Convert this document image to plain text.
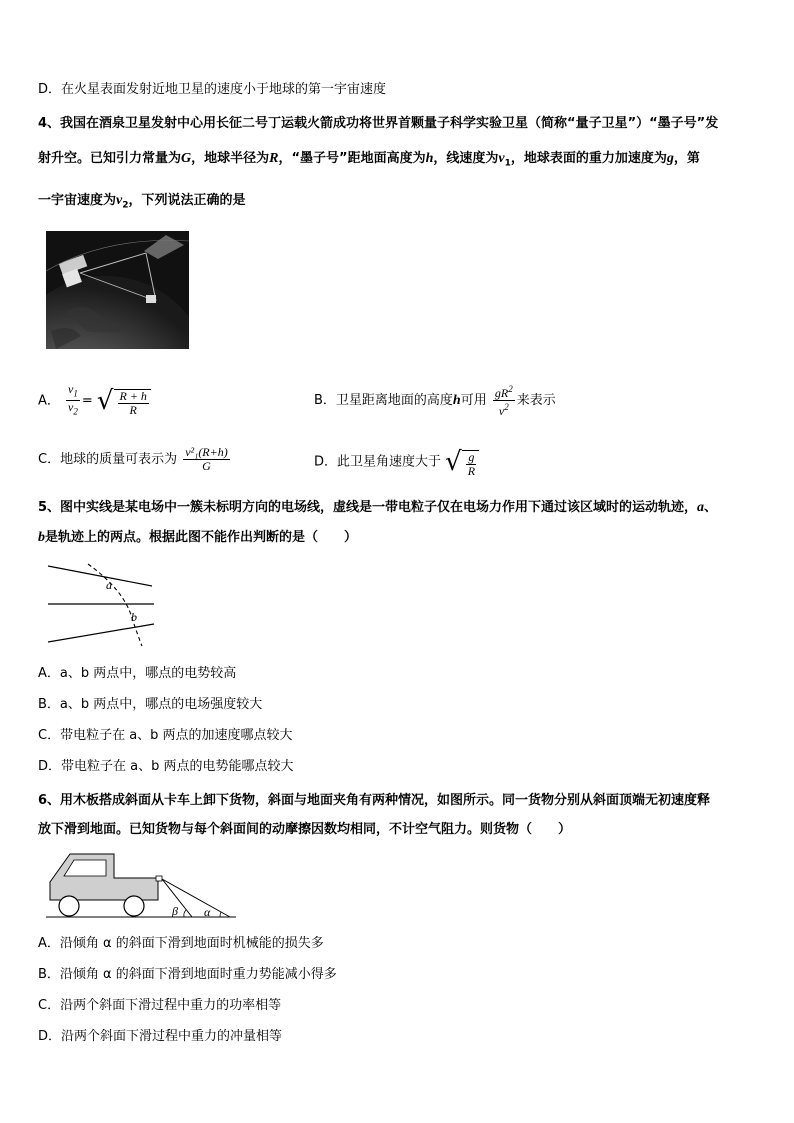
D．在火星表面发射近地卫星的速度小于地球的第一宇宙速度
4、我国在酒泉卫星发射中心用长征二号丁运载火箭成功将世界首颗量子科学实验卫星（简称“量子卫星”）“墨子号”发
射升空。已知引力常量为G，地球半径为R，“墨子号”距地面高度为h，线速度为$v_1$，地球表面的重力加速度为g，第
一宇宙速度为$v_2$，下列说法正确的是
A． $\frac{v_1}{v_2}$ = √ $\frac{R + h}{R}$	B．卫星距离地面的高度h可用 $\frac{gR^2}{v^2}$ 来表示
C．地球的质量可表示为 $\frac{\text{v²₁(R+h)}}{G}$	D．此卫星角速度大于 √ $\frac{g}{R}$
5、图中实线是某电场中一簇未标明方向的电场线，虚线是一带电粒子仅在电场力作用下通过该区域时的运动轨迹，a、
b是轨迹上的两点。根据此图不能作出判断的是（　　）
a
b
A．a、b 两点中，哪点的电势较高
B．a、b 两点中，哪点的电场强度较大
C．带电粒子在 a、b 两点的加速度哪点较大
D．带电粒子在 a、b 两点的电势能哪点较大
6、用木板搭成斜面从卡车上卸下货物，斜面与地面夹角有两种情况，如图所示。同一货物分别从斜面顶端无初速度释
放下滑到地面。已知货物与每个斜面间的动摩擦因数均相同，不计空气阻力。则货物（　　）
β α
A．沿倾角 α 的斜面下滑到地面时机械能的损失多
B．沿倾角 α 的斜面下滑到地面时重力势能减小得多
C．沿两个斜面下滑过程中重力的功率相等
D．沿两个斜面下滑过程中重力的冲量相等
